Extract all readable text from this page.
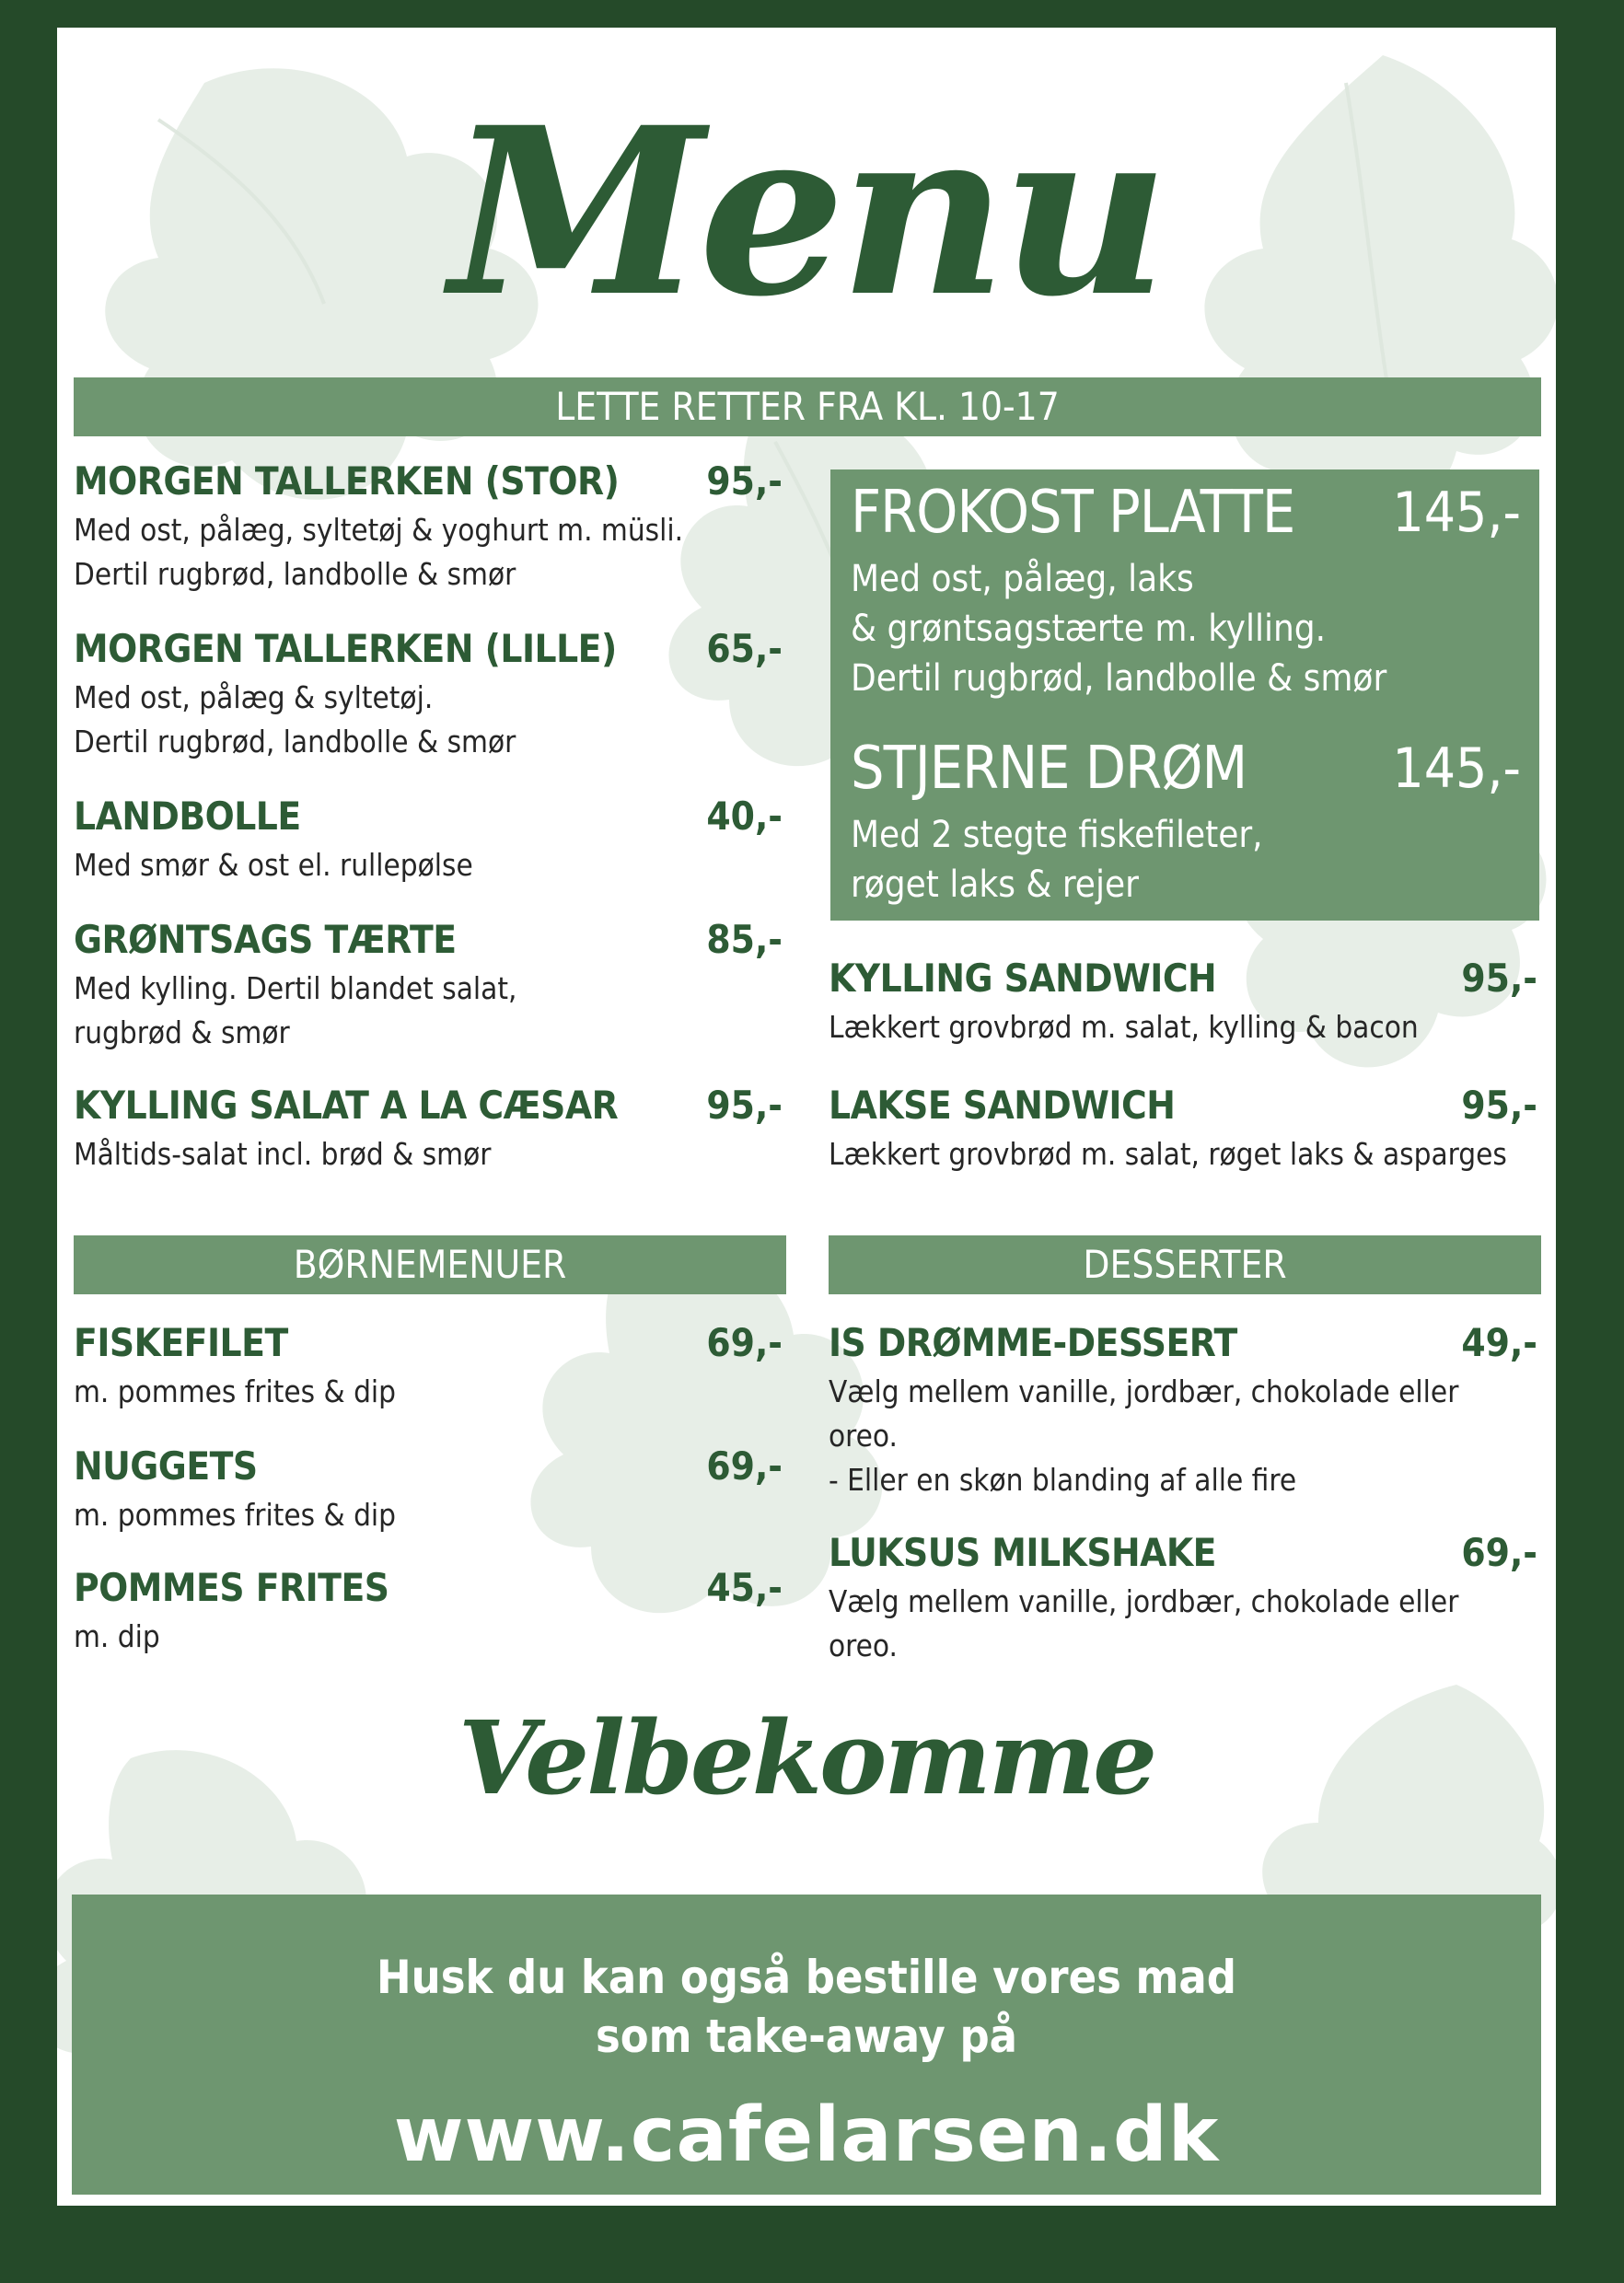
Menu
LETTE RETTER FRA KL. 10-17
MORGEN TALLERKEN (STOR) 95,-
Med ost, pålæg, syltetøj & yoghurt m. müsli.
Dertil rugbrød, landbolle & smør
MORGEN TALLERKEN (LILLE) 65,-
Med ost, pålæg & syltetøj.
Dertil rugbrød, landbolle & smør
LANDBOLLE	40,-
Med smør & ost el. rullepølse
GRØNTSAGS TÆRTE	85,-
Med kylling. Dertil blandet salat,
rugbrød & smør
KYLLING SALAT A LA CÆSAR 95,-
Måltids-salat incl. brød & smør
FROKOST PLATTE 145,-
Med ost, pålæg, laks
& grøntsagstærte m. kylling.
Dertil rugbrød, landbolle & smør
STJERNE DRØM	145,-
Med 2 stegte fiskefileter,
røget laks & rejer
KYLLING SANDWICH	95,-
Lækkert grovbrød m. salat, kylling & bacon
LAKSE SANDWICH	95,-
Lækkert grovbrød m. salat, røget laks & asparges
BØRNEMENUER	DESSERTER
FISKEFILET	69,-
m. pommes frites & dip
NUGGETS	69,-
m. pommes frites & dip
POMMES FRITES	45,-
m. dip
IS DRØMME-DESSERT	49,-
Vælg mellem vanille, jordbær, chokolade eller
oreo.
- Eller en skøn blanding af alle fire
LUKSUS MILKSHAKE	69,-
Vælg mellem vanille, jordbær, chokolade eller
oreo.
Velbekomme
Husk du kan også bestille vores mad
som take-away på
www.cafelarsen.dk
